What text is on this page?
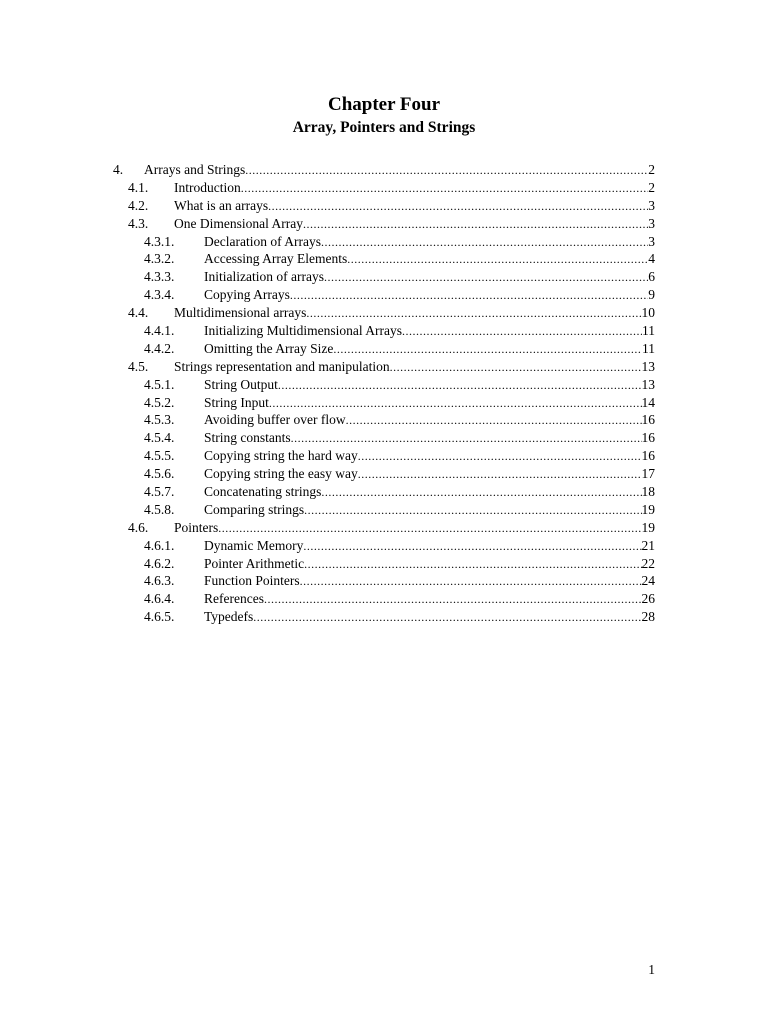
Chapter Four
Array, Pointers and Strings
4. Arrays and Strings .....	2
4.1. Introduction .....	2
4.2. What is an arrays .....	3
4.3. One Dimensional Array .....	3
4.3.1. Declaration of Arrays .....	3
4.3.2. Accessing Array Elements .....	4
4.3.3. Initialization of arrays .....	6
4.3.4. Copying Arrays .....	9
4.4. Multidimensional arrays .....	10
4.4.1. Initializing Multidimensional Arrays .....	11
4.4.2. Omitting the Array Size .....	11
4.5. Strings representation and manipulation .....	13
4.5.1. String Output .....	13
4.5.2. String Input .....	14
4.5.3. Avoiding buffer over flow .....	16
4.5.4. String constants .....	16
4.5.5. Copying string the hard way .....	16
4.5.6. Copying string the easy way .....	17
4.5.7. Concatenating strings .....	18
4.5.8. Comparing strings .....	19
4.6. Pointers .....	19
4.6.1. Dynamic Memory .....	21
4.6.2. Pointer Arithmetic .....	22
4.6.3. Function Pointers .....	24
4.6.4. References .....	26
4.6.5. Typedefs .....	28
1
